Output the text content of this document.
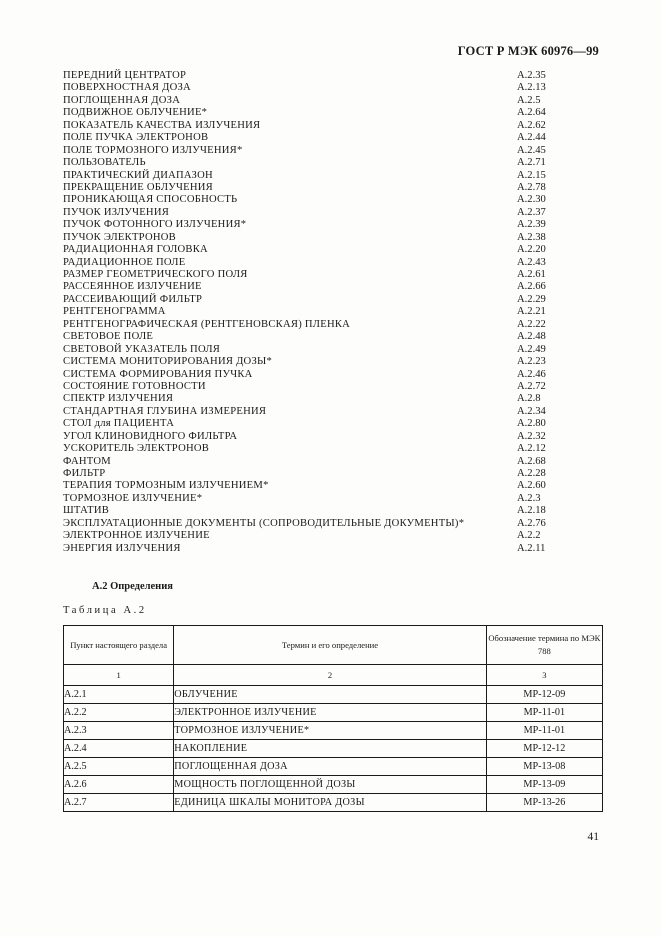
ГОСТ Р МЭК 60976—99
ПЕРЕДНИЙ ЦЕНТРАТОР	А.2.35
ПОВЕРХНОСТНАЯ ДОЗА	А.2.13
ПОГЛОЩЕННАЯ ДОЗА	А.2.5
ПОДВИЖНОЕ ОБЛУЧЕНИЕ*	А.2.64
ПОКАЗАТЕЛЬ КАЧЕСТВА ИЗЛУЧЕНИЯ	А.2.62
ПОЛЕ ПУЧКА ЭЛЕКТРОНОВ	А.2.44
ПОЛЕ ТОРМОЗНОГО ИЗЛУЧЕНИЯ*	А.2.45
ПОЛЬЗОВАТЕЛЬ	А.2.71
ПРАКТИЧЕСКИЙ ДИАПАЗОН	А.2.15
ПРЕКРАЩЕНИЕ ОБЛУЧЕНИЯ	А.2.78
ПРОНИКАЮЩАЯ СПОСОБНОСТЬ	А.2.30
ПУЧОК ИЗЛУЧЕНИЯ	А.2.37
ПУЧОК ФОТОННОГО ИЗЛУЧЕНИЯ*	А.2.39
ПУЧОК ЭЛЕКТРОНОВ	А.2.38
РАДИАЦИОННАЯ ГОЛОВКА	А.2.20
РАДИАЦИОННОЕ ПОЛЕ	А.2.43
РАЗМЕР ГЕОМЕТРИЧЕСКОГО ПОЛЯ	А.2.61
РАССЕЯННОЕ ИЗЛУЧЕНИЕ	А.2.66
РАССЕИВАЮЩИЙ ФИЛЬТР	А.2.29
РЕНТГЕНОГРАММА	А.2.21
РЕНТГЕНОГРАФИЧЕСКАЯ (РЕНТГЕНОВСКАЯ) ПЛЕНКА	А.2.22
СВЕТОВОЕ ПОЛЕ	А.2.48
СВЕТОВОЙ УКАЗАТЕЛЬ ПОЛЯ	А.2.49
СИСТЕМА МОНИТОРИРОВАНИЯ ДОЗЫ*	А.2.23
СИСТЕМА ФОРМИРОВАНИЯ ПУЧКА	А.2.46
СОСТОЯНИЕ ГОТОВНОСТИ	А.2.72
СПЕКТР ИЗЛУЧЕНИЯ	А.2.8
СТАНДАРТНАЯ ГЛУБИНА ИЗМЕРЕНИЯ	А.2.34
СТОЛ для ПАЦИЕНТА	А.2.80
УГОЛ КЛИНОВИДНОГО ФИЛЬТРА	А.2.32
УСКОРИТЕЛЬ ЭЛЕКТРОНОВ	А.2.12
ФАНТОМ	А.2.68
ФИЛЬТР	А.2.28
ТЕРАПИЯ ТОРМОЗНЫМ ИЗЛУЧЕНИЕМ*	А.2.60
ТОРМОЗНОЕ ИЗЛУЧЕНИЕ*	А.2.3
ШТАТИВ	А.2.18
ЭКСПЛУАТАЦИОННЫЕ ДОКУМЕНТЫ (СОПРОВОДИТЕЛЬНЫЕ ДОКУМЕНТЫ)*	А.2.76
ЭЛЕКТРОННОЕ ИЗЛУЧЕНИЕ	А.2.2
ЭНЕРГИЯ ИЗЛУЧЕНИЯ	А.2.11
А.2 Определения
Таблица А.2
Пункт настоящего раздела	Термин и его определение	Обозначение термина по МЭК 788
1	2	3
А.2.1	ОБЛУЧЕНИЕ	MP-12-09
А.2.2	ЭЛЕКТРОННОЕ ИЗЛУЧЕНИЕ	MP-11-01
А.2.3	ТОРМОЗНОЕ ИЗЛУЧЕНИЕ*	MP-11-01
А.2.4	НАКОПЛЕНИЕ	MP-12-12
А.2.5	ПОГЛОЩЕННАЯ ДОЗА	MP-13-08
А.2.6	МОЩНОСТЬ ПОГЛОЩЕННОЙ ДОЗЫ	MP-13-09
А.2.7	ЕДИНИЦА ШКАЛЫ МОНИТОРА ДОЗЫ	MP-13-26
41
